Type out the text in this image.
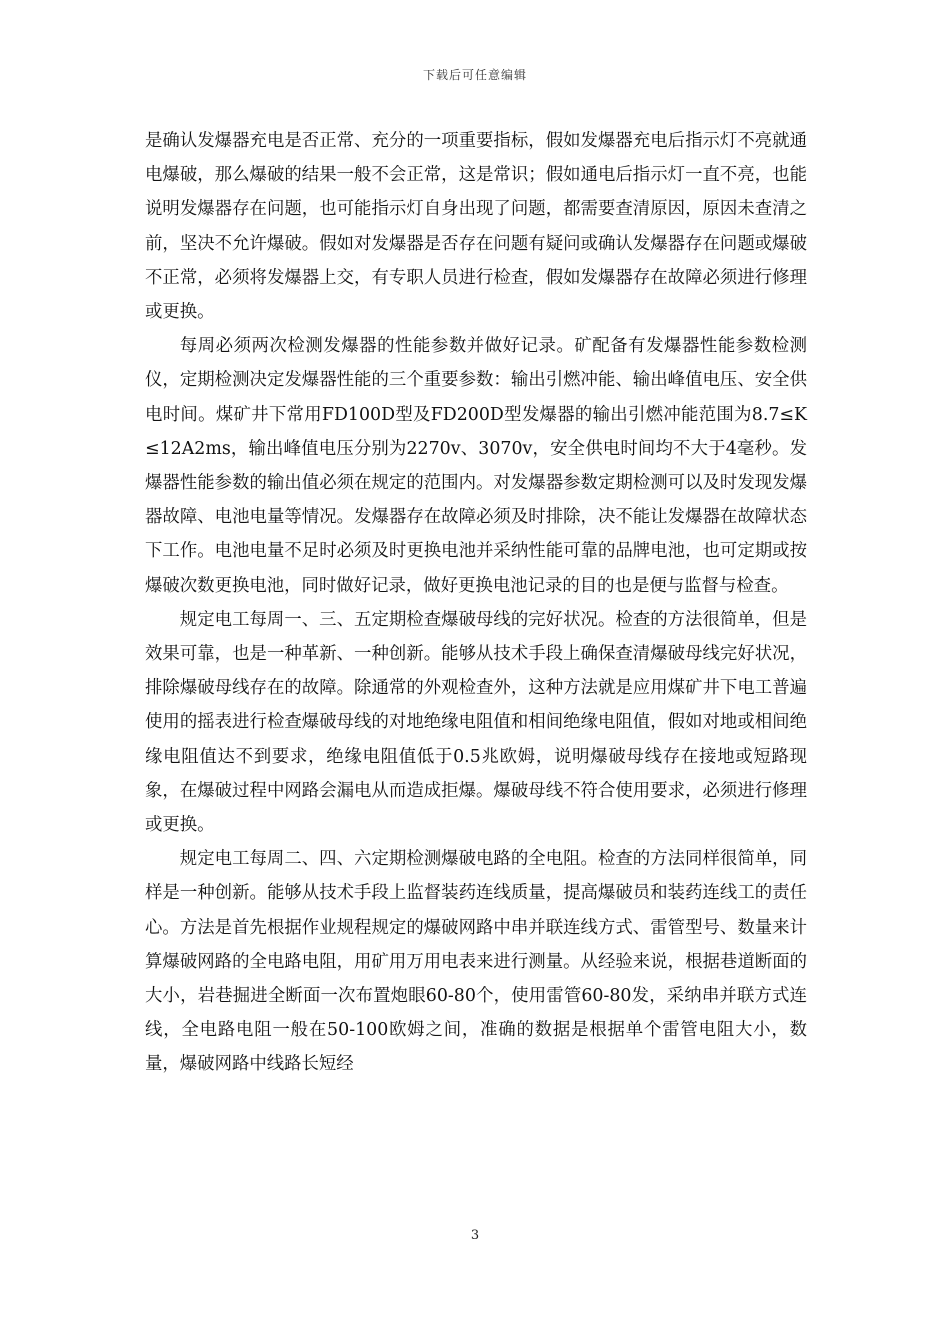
下载后可任意编辑

是确认发爆器充电是否正常、充分的一项重要指标，假如发爆器充电后指示灯不亮就通电爆破，那么爆破的结果一般不会正常，这是常识；假如通电后指示灯一直不亮，也能说明发爆器存在问题，也可能指示灯自身出现了问题，都需要查清原因，原因未查清之前，坚决不允许爆破。假如对发爆器是否存在问题有疑问或确认发爆器存在问题或爆破不正常，必须将发爆器上交，有专职人员进行检查，假如发爆器存在故障必须进行修理或更换。

每周必须两次检测发爆器的性能参数并做好记录。矿配备有发爆器性能参数检测仪，定期检测决定发爆器性能的三个重要参数：输出引燃冲能、输出峰值电压、安全供电时间。煤矿井下常用FD100D型及FD200D型发爆器的输出引燃冲能范围为8.7≤K≤12A2ms，输出峰值电压分别为2270v、3070v，安全供电时间均不大于4毫秒。发爆器性能参数的输出值必须在规定的范围内。对发爆器参数定期检测可以及时发现发爆器故障、电池电量等情况。发爆器存在故障必须及时排除，决不能让发爆器在故障状态下工作。电池电量不足时必须及时更换电池并采纳性能可靠的品牌电池，也可定期或按爆破次数更换电池，同时做好记录，做好更换电池记录的目的也是便与监督与检查。

规定电工每周一、三、五定期检查爆破母线的完好状况。检查的方法很简单，但是效果可靠，也是一种革新、一种创新。能够从技术手段上确保查清爆破母线完好状况，排除爆破母线存在的故障。除通常的外观检查外，这种方法就是应用煤矿井下电工普遍使用的摇表进行检查爆破母线的对地绝缘电阻值和相间绝缘电阻值，假如对地或相间绝缘电阻值达不到要求，绝缘电阻值低于0.5兆欧姆，说明爆破母线存在接地或短路现象，在爆破过程中网路会漏电从而造成拒爆。爆破母线不符合使用要求，必须进行修理或更换。

规定电工每周二、四、六定期检测爆破电路的全电阻。检查的方法同样很简单，同样是一种创新。能够从技术手段上监督装药连线质量，提高爆破员和装药连线工的责任心。方法是首先根据作业规程规定的爆破网路中串并联连线方式、雷管型号、数量来计算爆破网路的全电路电阻，用矿用万用电表来进行测量。从经验来说，根据巷道断面的大小，岩巷掘进全断面一次布置炮眼60-80个，使用雷管60-80发，采纳串并联方式连线，全电路电阻一般在50-100欧姆之间，准确的数据是根据单个雷管电阻大小，数量，爆破网路中线路长短经

3
